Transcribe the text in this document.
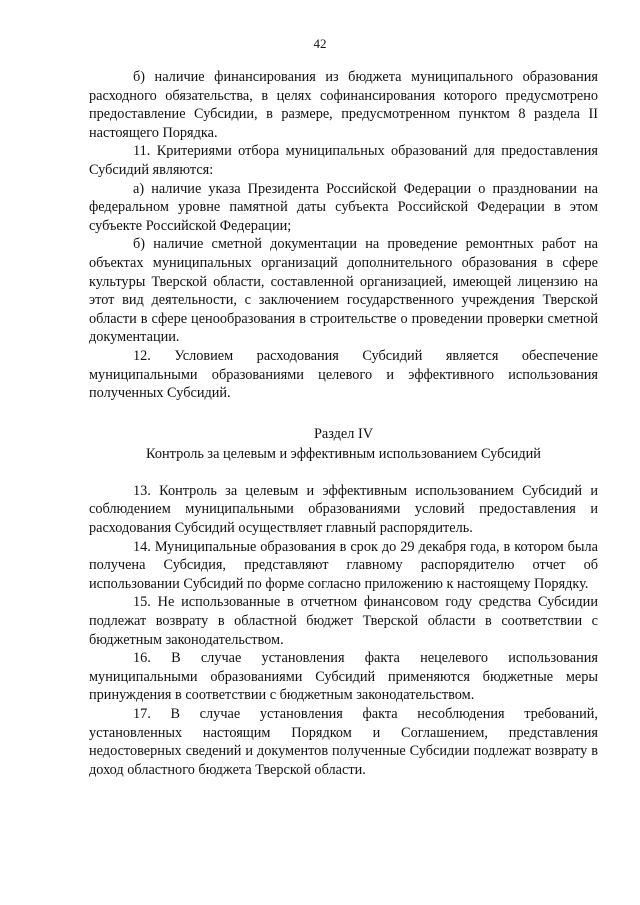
42

б) наличие финансирования из бюджета муниципального образования расходного обязательства, в целях софинансирования которого предусмотрено предоставление Субсидии, в размере, предусмотренном пунктом 8 раздела II настоящего Порядка.

11. Критериями отбора муниципальных образований для предоставления Субсидий являются:

а) наличие указа Президента Российской Федерации о праздновании на федеральном уровне памятной даты субъекта Российской Федерации в этом субъекте Российской Федерации;

б) наличие сметной документации на проведение ремонтных работ на объектах муниципальных организаций дополнительного образования в сфере культуры Тверской области, составленной организацией, имеющей лицензию на этот вид деятельности, с заключением государственного учреждения Тверской области в сфере ценообразования в строительстве о проведении проверки сметной документации.

12. Условием расходования Субсидий является обеспечение муниципальными образованиями целевого и эффективного использования полученных Субсидий.

Раздел IV

Контроль за целевым и эффективным использованием Субсидий

13. Контроль за целевым и эффективным использованием Субсидий и соблюдением муниципальными образованиями условий предоставления и расходования Субсидий осуществляет главный распорядитель.

14. Муниципальные образования в срок до 29 декабря года, в котором была получена Субсидия, представляют главному распорядителю отчет об использовании Субсидий по форме согласно приложению к настоящему Порядку.

15. Не использованные в отчетном финансовом году средства Субсидии подлежат возврату в областной бюджет Тверской области в соответствии с бюджетным законодательством.

16. В случае установления факта нецелевого использования муниципальными образованиями Субсидий применяются бюджетные меры принуждения в соответствии с бюджетным законодательством.

17. В случае установления факта несоблюдения требований, установленных настоящим Порядком и Соглашением, представления недостоверных сведений и документов полученные Субсидии подлежат возврату в доход областного бюджета Тверской области.
